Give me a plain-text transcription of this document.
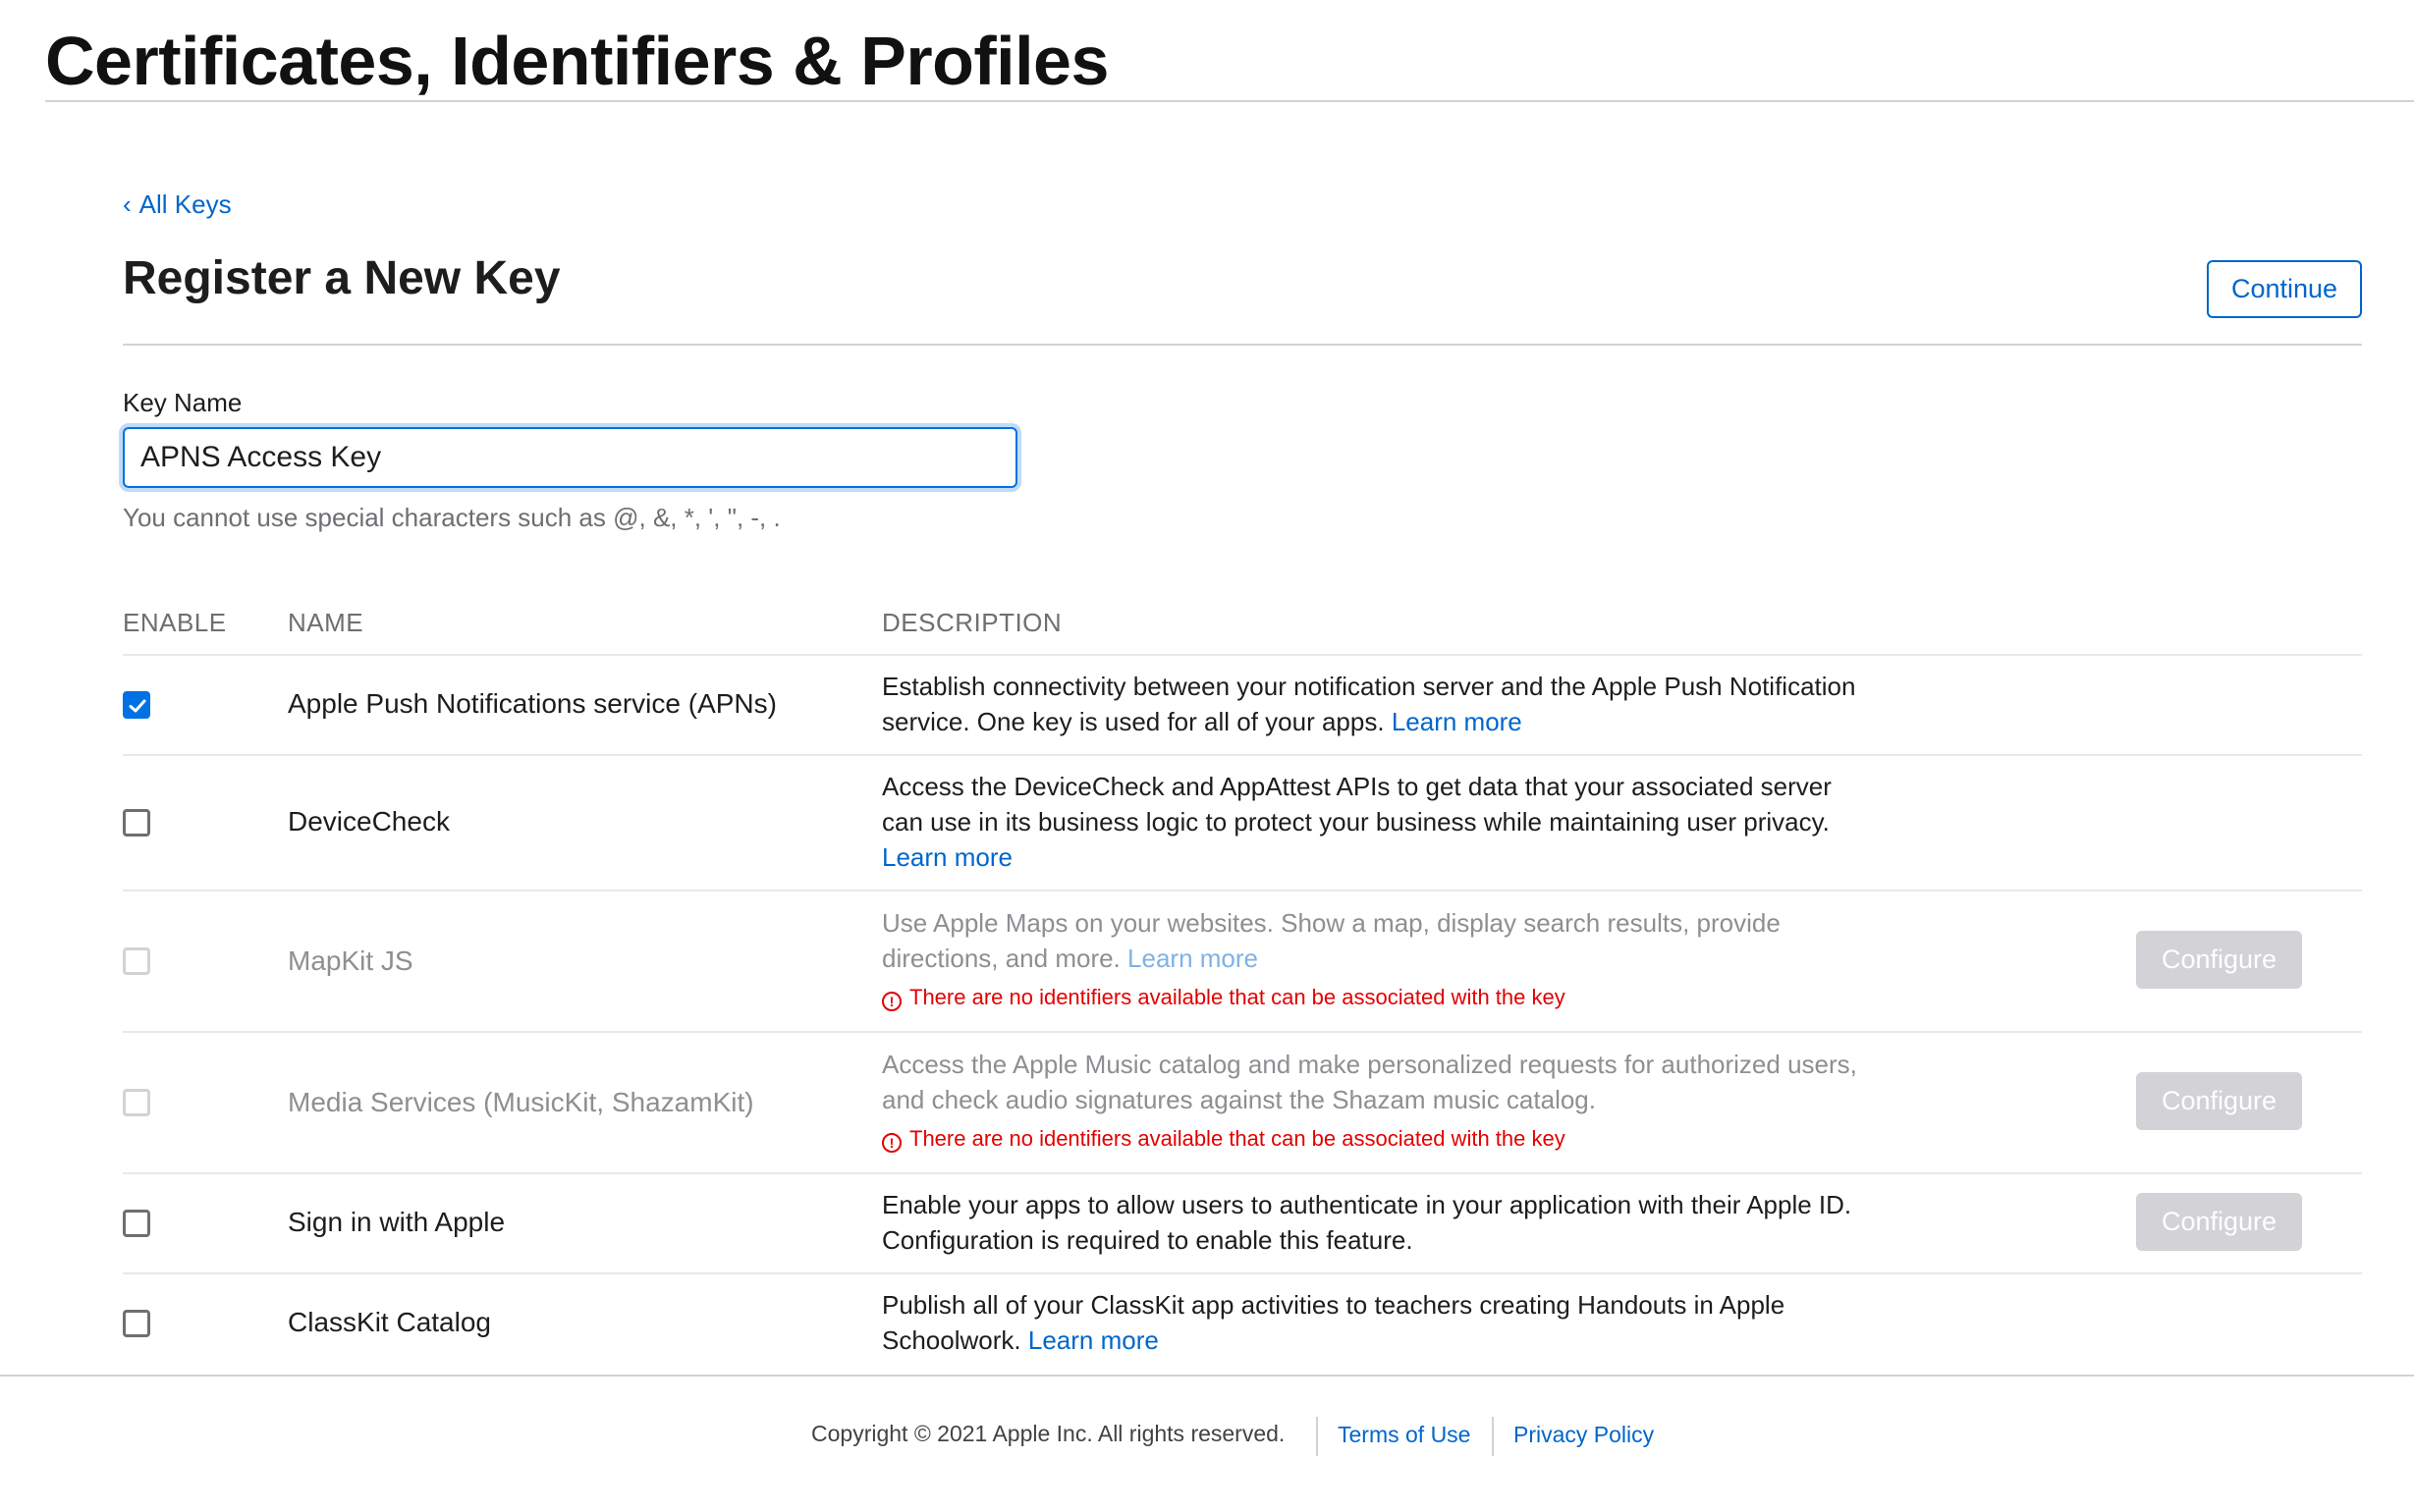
Certificates, Identifiers & Profiles
‹ All Keys
Register a New Key	Continue
Key Name
APNS Access Key
You cannot use special characters such as @, &, *, ', ", -, .
ENABLE NAME	DESCRIPTION
Apple Push Notifications service (APNs)
Establish connectivity between your notification server and the Apple Push Notification service. One key is used for all of your apps. Learn more
DeviceCheck
Access the DeviceCheck and AppAttest APIs to get data that your associated server can use in its business logic to protect your business while maintaining user privacy. Learn more
MapKit JS
Use Apple Maps on your websites. Show a map, display search results, provide directions, and more. Learn more
! There are no identifiers available that can be associated with the key
Configure
Media Services (MusicKit, ShazamKit)
Access the Apple Music catalog and make personalized requests for authorized users, and check audio signatures against the Shazam music catalog.
! There are no identifiers available that can be associated with the key
Configure
Sign in with Apple
Enable your apps to allow users to authenticate in your application with their Apple ID. Configuration is required to enable this feature.
Configure
ClassKit Catalog
Publish all of your ClassKit app activities to teachers creating Handouts in Apple Schoolwork. Learn more
Copyright © 2021 Apple Inc. All rights reserved. Terms of Use Privacy Policy
